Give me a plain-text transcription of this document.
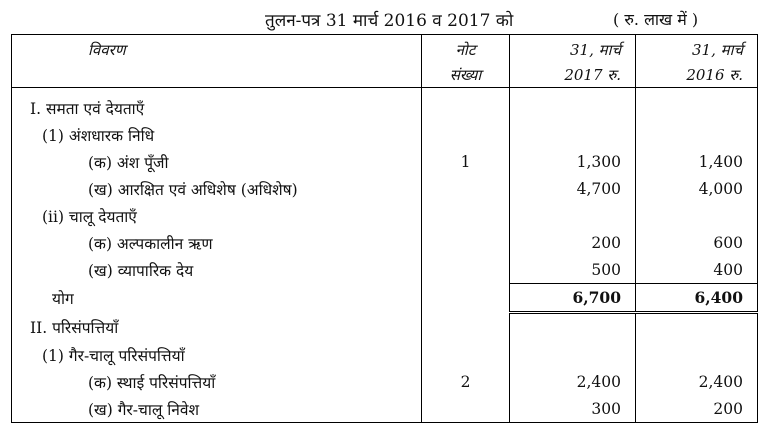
तुलन-पत्र 31 मार्च 2016 व 2017 को	( रु. लाख में )
विवरण	नोट	31, मार्च	31, मार्च
	संख्या	2017 रु.	2016 रु.

I. समता एवं देयताएँ			
(1) अंशधारक निधि			
(क) अंश पूँजी	1	1,300	1,400
(ख) आरक्षित एवं अधिशेष (अधिशेष)		4,700	4,000
(ii) चालू देयताएँ			
(क) अल्पकालीन ऋण		200	600
(ख) व्यापारिक देय		500	400
योग		6,700	6,400
II. परिसंपत्तियाँ			
(1) गैर-चालू परिसंपत्तियाँ			
(क) स्थाई परिसंपत्तियाँ	2	2,400	2,400
(ख) गैर-चालू निवेश		300	200
